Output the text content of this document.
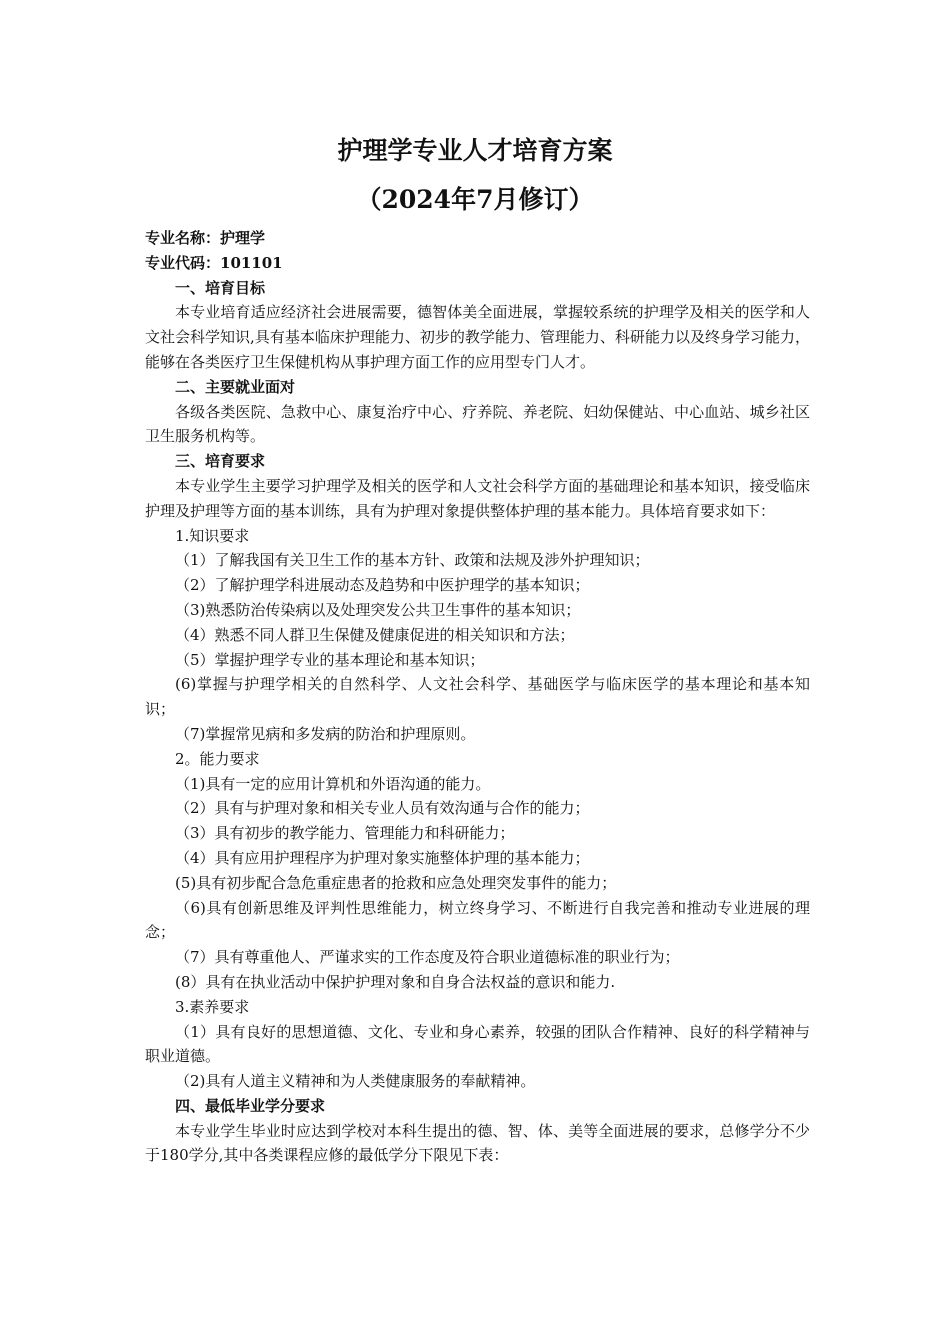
护理学专业人才培育方案
（2024年7月修订）

专业名称：护理学

专业代码：101101

一、培育目标

本专业培育适应经济社会进展需要，德智体美全面进展，掌握较系统的护理学及相关的医学和人文社会科学知识,具有基本临床护理能力、初步的教学能力、管理能力、科研能力以及终身学习能力，能够在各类医疗卫生保健机构从事护理方面工作的应用型专门人才。

二、主要就业面对

各级各类医院、急救中心、康复治疗中心、疗养院、养老院、妇幼保健站、中心血站、城乡社区卫生服务机构等。

三、培育要求

本专业学生主要学习护理学及相关的医学和人文社会科学方面的基础理论和基本知识，接受临床护理及护理等方面的基本训练，具有为护理对象提供整体护理的基本能力。具体培育要求如下：

1.知识要求

（1）了解我国有关卫生工作的基本方针、政策和法规及涉外护理知识；

（2）了解护理学科进展动态及趋势和中医护理学的基本知识；

（3)熟悉防治传染病以及处理突发公共卫生事件的基本知识；

（4）熟悉不同人群卫生保健及健康促进的相关知识和方法；

（5）掌握护理学专业的基本理论和基本知识；

(6)掌握与护理学相关的自然科学、人文社会科学、基础医学与临床医学的基本理论和基本知识；

（7)掌握常见病和多发病的防治和护理原则。

2。能力要求

（1)具有一定的应用计算机和外语沟通的能力。

（2）具有与护理对象和相关专业人员有效沟通与合作的能力；

（3）具有初步的教学能力、管理能力和科研能力；

（4）具有应用护理程序为护理对象实施整体护理的基本能力；

(5)具有初步配合急危重症患者的抢救和应急处理突发事件的能力；

（6)具有创新思维及评判性思维能力，树立终身学习、不断进行自我完善和推动专业进展的理念；

（7）具有尊重他人、严谨求实的工作态度及符合职业道德标准的职业行为；

(8）具有在执业活动中保护护理对象和自身合法权益的意识和能力.

3.素养要求

（1）具有良好的思想道德、文化、专业和身心素养，较强的团队合作精神、良好的科学精神与职业道德。

（2)具有人道主义精神和为人类健康服务的奉献精神。

四、最低毕业学分要求

本专业学生毕业时应达到学校对本科生提出的德、智、体、美等全面进展的要求，总修学分不少于180学分,其中各类课程应修的最低学分下限见下表：
